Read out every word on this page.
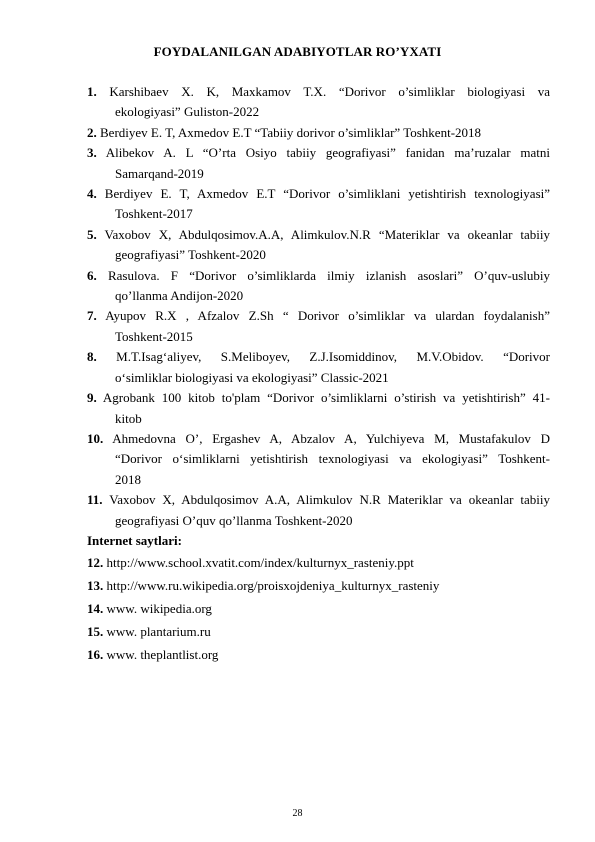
FOYDALANILGAN ADABIYOTLAR RO’YXATI
1. Karshibaev X. K, Maxkamov T.X. “Dorivor o’simliklar biologiyasi va
ekologiyasi” Guliston-2022
2. Berdiyev E. T, Axmedov E.T “Tabiiy dorivor o’simliklar” Toshkent-2018
3. Alibekov A. L “O’rta Osiyo tabiiy geografiyasi” fanidan ma’ruzalar matni
Samarqand-2019
4. Berdiyev E. T, Axmedov E.T “Dorivor o’simliklani yetishtirish texnologiyasi”
Toshkent-2017
5. Vaxobov X, Abdulqosimov.A.A, Alimkulov.N.R “Materiklar va okeanlar tabiiy
geografiyasi” Toshkent-2020
6. Rasulova. F “Dorivor o’simliklarda ilmiy izlanish asoslari” O’quv-uslubiy
qo’llanma Andijon-2020
7. Ayupov R.X , Afzalov Z.Sh “ Dorivor o’simliklar va ulardan foydalanish”
Toshkent-2015
8. M.T.Isag‘aliyev, S.Meliboyev, Z.J.Isomiddinov, M.V.Obidov. “Dorivor
o‘simliklar biologiyasi va ekologiyasi” Classic-2021
9. Agrobank 100 kitob to'plam “Dorivor o’simliklarni o’stirish va yetishtirish” 41-
kitob
10. Ahmedovna O’, Ergashev A, Abzalov A, Yulchiyeva M, Mustafakulov D
“Dorivor o‘simliklarni yetishtirish texnologiyasi va ekologiyasi” Toshkent-
2018
11. Vaxobov X, Abdulqosimov A.A, Alimkulov N.R Materiklar va okeanlar tabiiy
geografiyasi O’quv qo’llanma Toshkent-2020
Internet saytlari:
12. http://www.school.xvatit.com/index/kulturnyx_rasteniy.ppt
13. http://www.ru.wikipedia.org/proisxojdeniya_kulturnyx_rasteniy
14. www. wikipedia.org
15. www. plantarium.ru
16. www. theplantlist.org
28
